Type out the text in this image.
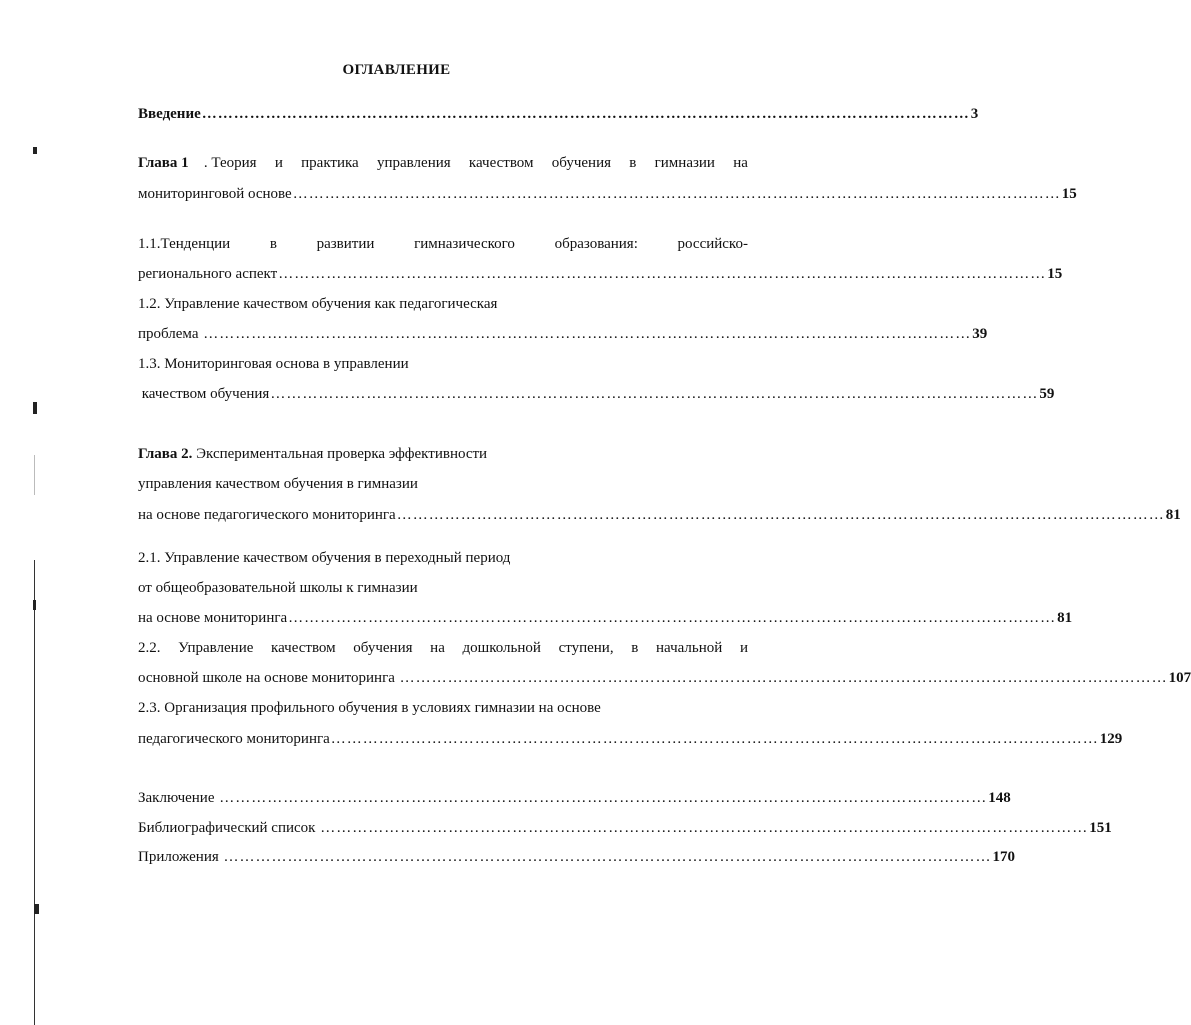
ОГЛАВЛЕНИЕ
Введение ……………………………………………………………………………………………………………………………… 3
Глава 1 . Теория и практика управления качеством обучения в гимназии на
мониторинговой основе ……………………………………………………………………………………………………………………………… 15
1.1.Тенденции	в	развитии	гимназического	образования:	российско-
регионального аспект ……………………………………………………………………………………………………………………………… 15
1.2. Управление качеством обучения как педагогическая
проблема ……………………………………………………………………………………………………………………………… 39
1.3. Мониторинговая основа в управлении
качеством обучения ……………………………………………………………………………………………………………………………… 59
Глава 2. Экспериментальная проверка эффективности
управления качеством обучения в гимназии
на основе педагогического мониторинга ……………………………………………………………………………………………………………………………… 81
2.1. Управление качеством обучения в переходный период
от общеобразовательной школы к гимназии
на основе мониторинга ……………………………………………………………………………………………………………………………… 81
2.2. Управление качеством обучения на дошкольной ступени, в начальной и
основной школе на основе мониторинга ……………………………………………………………………………………………………………………………… 107
2.3. Организация профильного обучения в условиях гимназии на основе
педагогического мониторинга ……………………………………………………………………………………………………………………………… 129
Заключение ……………………………………………………………………………………………………………………………… 148
Библиографический список ……………………………………………………………………………………………………………………………… 151
Приложения ……………………………………………………………………………………………………………………………… 170
